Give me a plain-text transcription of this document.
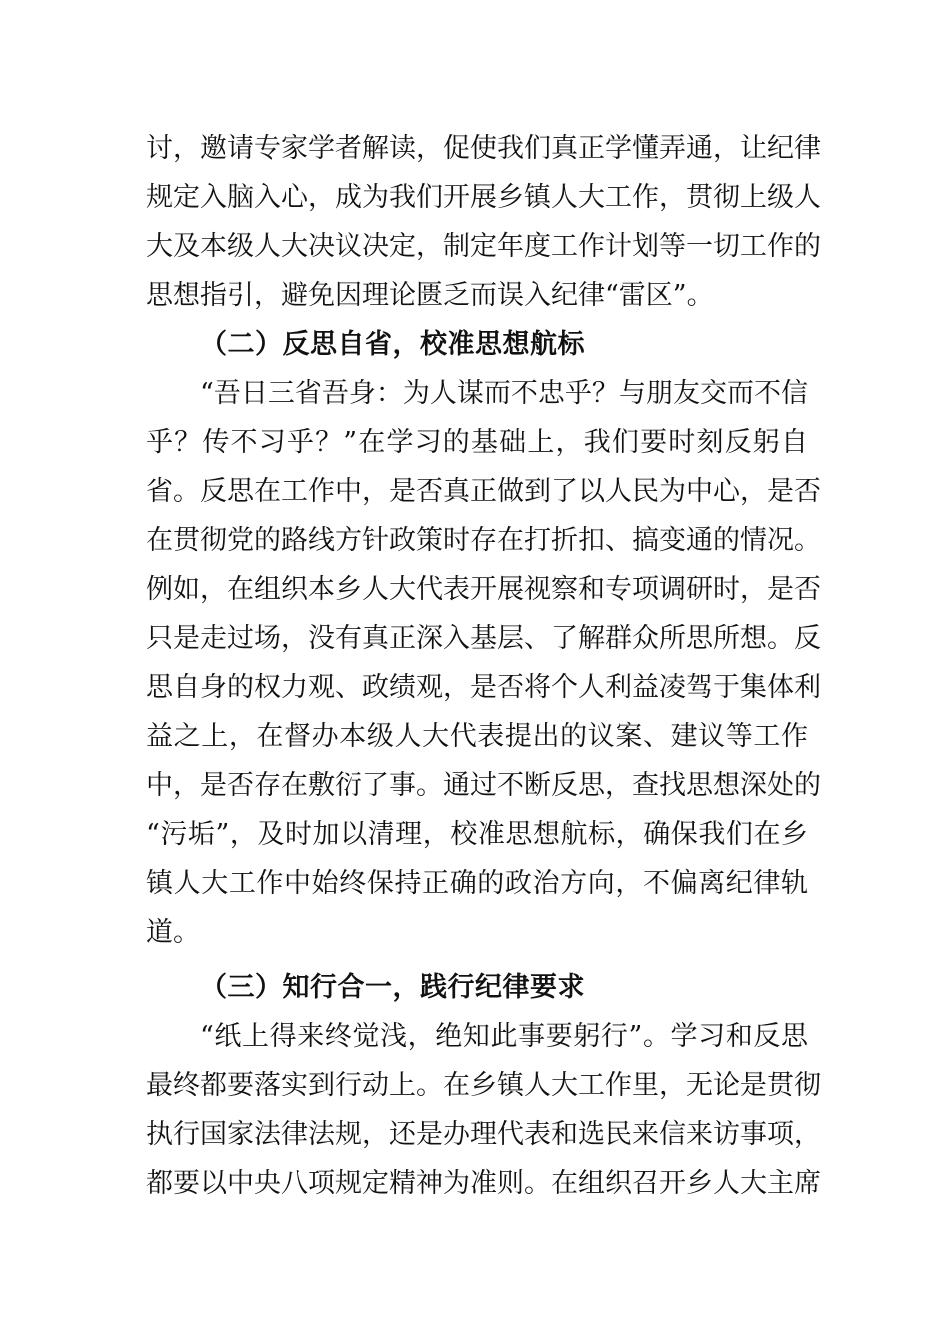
讨，邀请专家学者解读，促使我们真正学懂弄通，让纪律
规定入脑入心，成为我们开展乡镇人大工作，贯彻上级人
大及本级人大决议决定，制定年度工作计划等一切工作的
思想指引，避免因理论匮乏而误入纪律“雷区”。
（二）反思自省，校准思想航标
“吾日三省吾身：为人谋而不忠乎？与朋友交而不信
乎？传不习乎？”在学习的基础上，我们要时刻反躬自
省。反思在工作中，是否真正做到了以人民为中心，是否
在贯彻党的路线方针政策时存在打折扣、搞变通的情况。
例如，在组织本乡人大代表开展视察和专项调研时，是否
只是走过场，没有真正深入基层、了解群众所思所想。反
思自身的权力观、政绩观，是否将个人利益凌驾于集体利
益之上，在督办本级人大代表提出的议案、建议等工作
中，是否存在敷衍了事。通过不断反思，查找思想深处的
“污垢”，及时加以清理，校准思想航标，确保我们在乡
镇人大工作中始终保持正确的政治方向，不偏离纪律轨
道。
（三）知行合一，践行纪律要求
“纸上得来终觉浅，绝知此事要躬行”。学习和反思
最终都要落实到行动上。在乡镇人大工作里，无论是贯彻
执行国家法律法规，还是办理代表和选民来信来访事项，
都要以中央八项规定精神为准则。在组织召开乡人大主席
